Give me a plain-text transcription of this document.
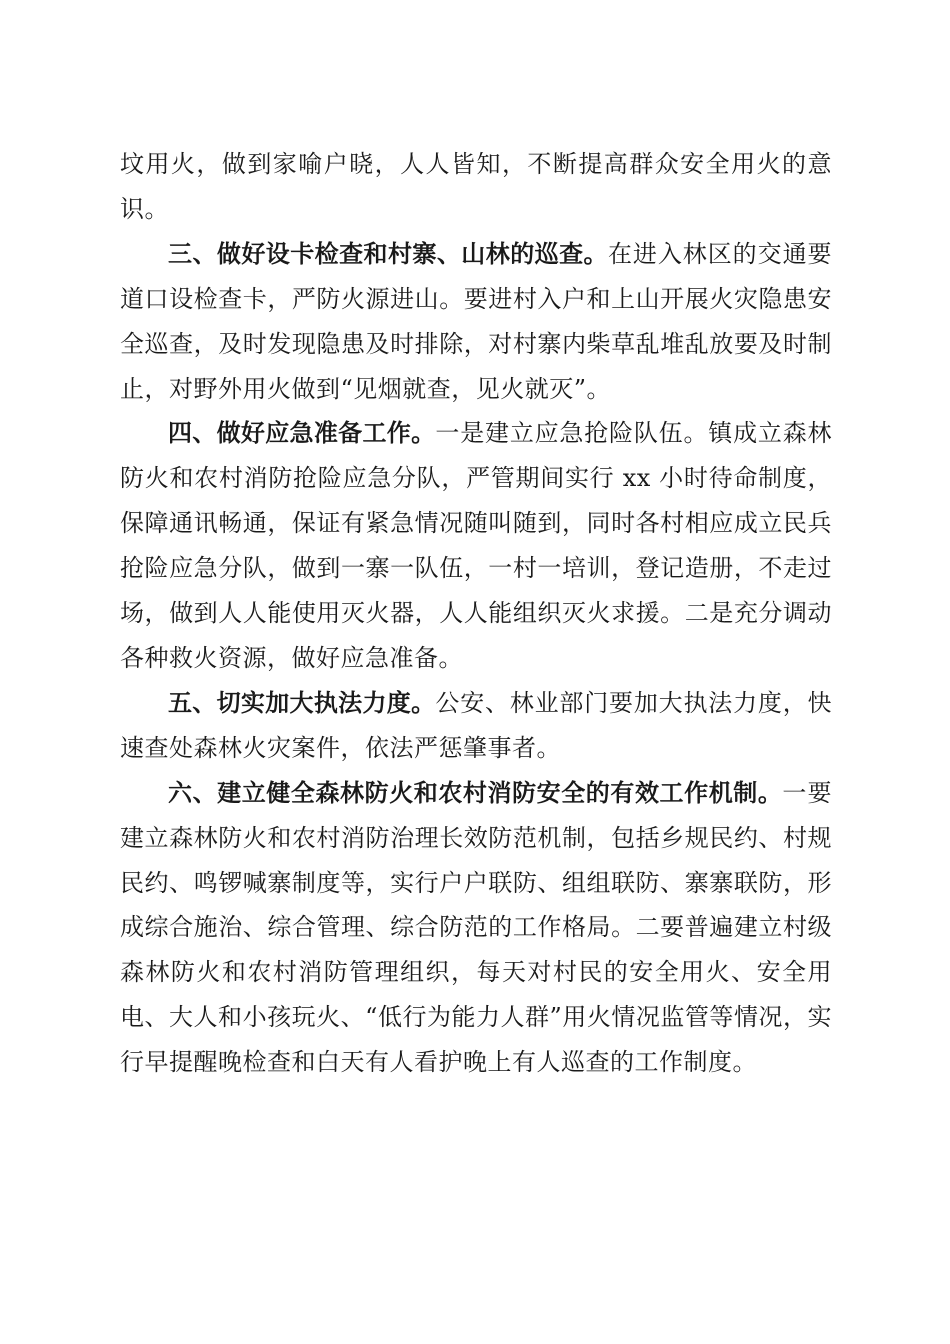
坟用火，做到家喻户晓，人人皆知，不断提高群众安全用火的意识。

三、做好设卡检查和村寨、山林的巡查。在进入林区的交通要道口设检查卡，严防火源进山。要进村入户和上山开展火灾隐患安全巡查，及时发现隐患及时排除，对村寨内柴草乱堆乱放要及时制止，对野外用火做到“见烟就查，见火就灭”。

四、做好应急准备工作。一是建立应急抢险队伍。镇成立森林防火和农村消防抢险应急分队，严管期间实行 xx 小时待命制度，保障通讯畅通，保证有紧急情况随叫随到，同时各村相应成立民兵抢险应急分队，做到一寨一队伍，一村一培训，登记造册，不走过场，做到人人能使用灭火器，人人能组织灭火求援。二是充分调动各种救火资源，做好应急准备。

五、切实加大执法力度。公安、林业部门要加大执法力度，快速查处森林火灾案件，依法严惩肇事者。

六、建立健全森林防火和农村消防安全的有效工作机制。一要建立森林防火和农村消防治理长效防范机制，包括乡规民约、村规民约、鸣锣喊寨制度等，实行户户联防、组组联防、寨寨联防，形成综合施治、综合管理、综合防范的工作格局。二要普遍建立村级森林防火和农村消防管理组织，每天对村民的安全用火、安全用电、大人和小孩玩火、“低行为能力人群”用火情况监管等情况，实行早提醒晚检查和白天有人看护晚上有人巡查的工作制度。
